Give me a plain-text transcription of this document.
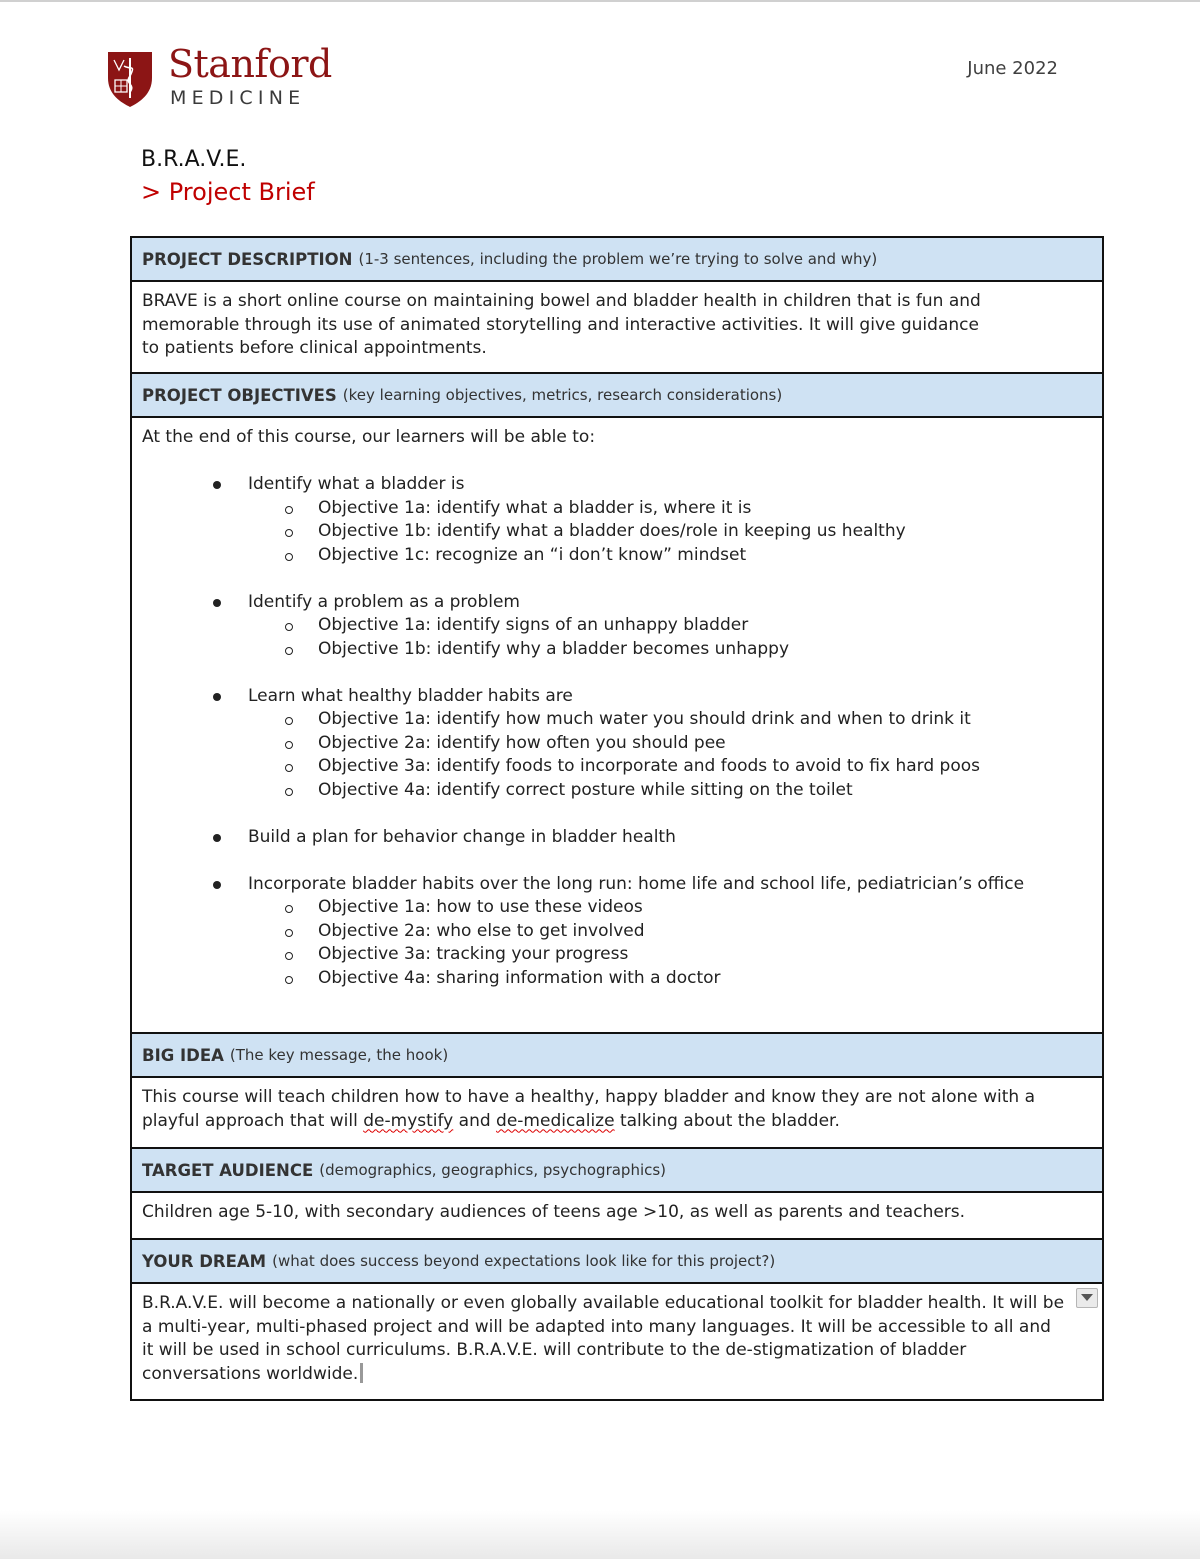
Stanford
MEDICINE
June 2022
B.R.A.V.E.
> Project Brief
PROJECT DESCRIPTION (1-3 sentences, including the problem we’re trying to solve and why)
BRAVE is a short online course on maintaining bowel and bladder health in children that is fun and
memorable through its use of animated storytelling and interactive activities. It will give guidance
to patients before clinical appointments.
PROJECT OBJECTIVES (key learning objectives, metrics, research considerations)
At the end of this course, our learners will be able to:
Identify what a bladder is
Objective 1a: identify what a bladder is, where it is
Objective 1b: identify what a bladder does/role in keeping us healthy
Objective 1c: recognize an “i don’t know” mindset
Identify a problem as a problem
Objective 1a: identify signs of an unhappy bladder
Objective 1b: identify why a bladder becomes unhappy
Learn what healthy bladder habits are
Objective 1a: identify how much water you should drink and when to drink it
Objective 2a: identify how often you should pee
Objective 3a: identify foods to incorporate and foods to avoid to fix hard poos
Objective 4a: identify correct posture while sitting on the toilet
Build a plan for behavior change in bladder health
Incorporate bladder habits over the long run: home life and school life, pediatrician’s office
Objective 1a: how to use these videos
Objective 2a: who else to get involved
Objective 3a: tracking your progress
Objective 4a: sharing information with a doctor
BIG IDEA (The key message, the hook)
This course will teach children how to have a healthy, happy bladder and know they are not alone with a
playful approach that will de-mystify and de-medicalize talking about the bladder.
TARGET AUDIENCE (demographics, geographics, psychographics)
Children age 5-10, with secondary audiences of teens age >10, as well as parents and teachers.
YOUR DREAM (what does success beyond expectations look like for this project?)
B.R.A.V.E. will become a nationally or even globally available educational toolkit for bladder health. It will be
a multi-year, multi-phased project and will be adapted into many languages. It will be accessible to all and
it will be used in school curriculums. B.R.A.V.E. will contribute to the de-stigmatization of bladder
conversations worldwide.
